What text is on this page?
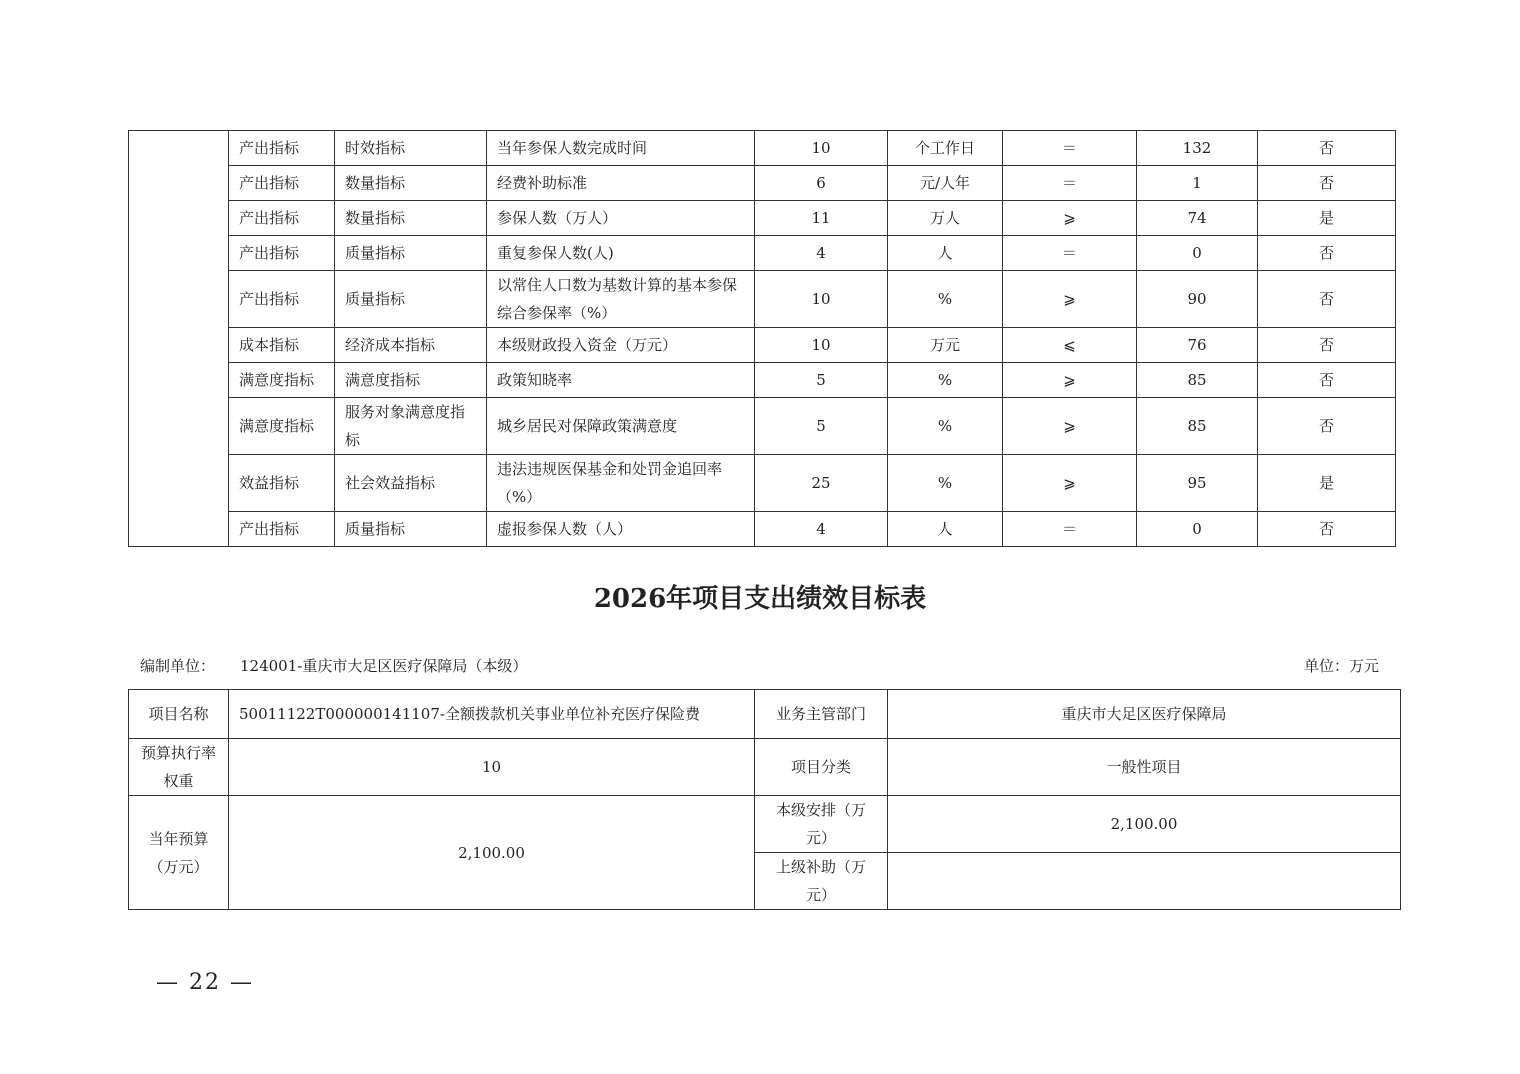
	产出指标	时效指标	当年参保人数完成时间	10	个工作日	＝	132	否
	产出指标	数量指标	经费补助标准	6	元/人年	＝	1	否
	产出指标	数量指标	参保人数（万人）	11	万人	⩾	74	是
	产出指标	质量指标	重复参保人数(人)	4	人	＝	0	否
	产出指标	质量指标	以常住人口数为基数计算的基本参保综合参保率（%）	10	%	⩾	90	否
	成本指标	经济成本指标	本级财政投入资金（万元）	10	万元	⩽	76	否
	满意度指标	满意度指标	政策知晓率	5	%	⩾	85	否
	满意度指标	服务对象满意度指标	城乡居民对保障政策满意度	5	%	⩾	85	否
	效益指标	社会效益指标	违法违规医保基金和处罚金追回率（%）	25	%	⩾	95	是
	产出指标	质量指标	虚报参保人数（人）	4	人	＝	0	否
2026年项目支出绩效目标表
编制单位： 124001-重庆市大足区医疗保障局（本级）	单位：万元
项目名称	50011122T000000141107-全额拨款机关事业单位补充医疗保险费	业务主管部门	重庆市大足区医疗保障局
预算执行率权重	10	项目分类	一般性项目
当年预算（万元）	2,100.00	本级安排（万元）	2,100.00
		上级补助（万元）	
— 22 —
